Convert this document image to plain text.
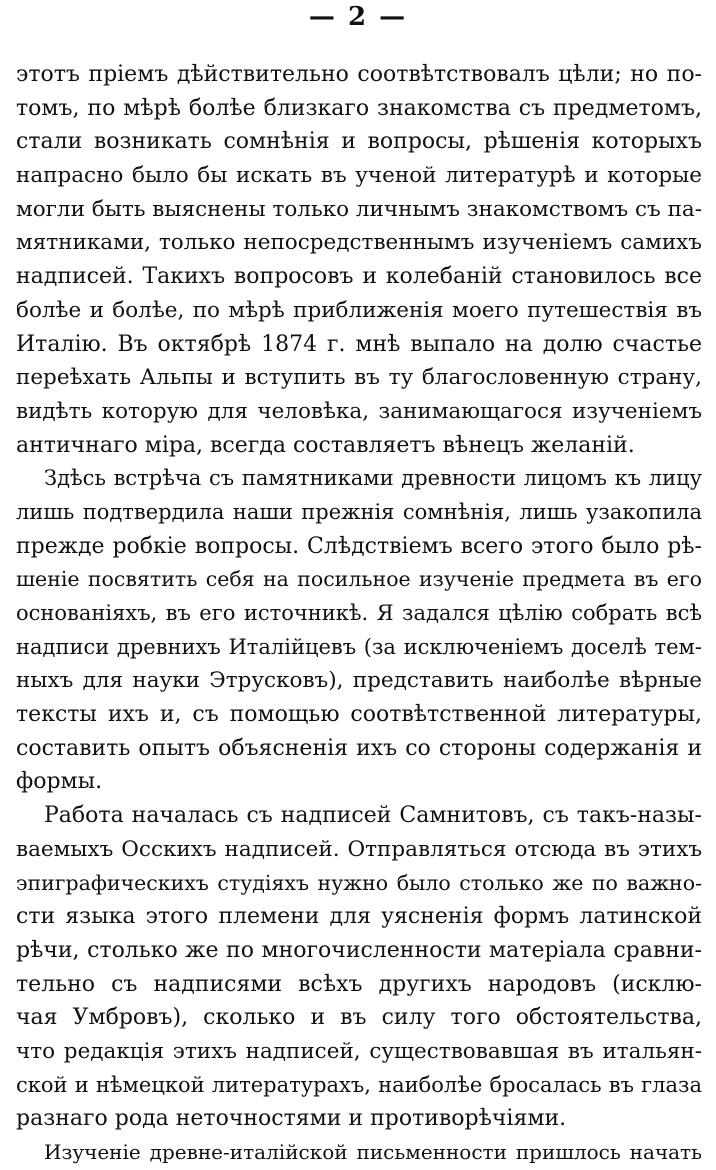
— 2 —
этотъ пріемъ дѣйствительно соотвѣтствовалъ цѣли; но по-
томъ, по мѣрѣ болѣе близкаго знакомства съ предметомъ,
стали возникать сомнѣнія и вопросы, рѣшенія которыхъ
напрасно было бы искать въ ученой литературѣ и которые
могли быть выяснены только личнымъ знакомствомъ съ па-
мятниками, только непосредственнымъ изученіемъ самихъ
надписей. Такихъ вопросовъ и колебаній становилось все
болѣе и болѣе, по мѣрѣ приближенія моего путешествія въ
Италію. Въ октябрѣ 1874 г. мнѣ выпало на долю счастье
переѣхать Альпы и вступить въ ту благословенную страну,
видѣть которую для человѣка, занимающагося изученіемъ
античнаго міра, всегда составляетъ вѣнецъ желаній.
Здѣсь встрѣча съ памятниками древности лицомъ къ лицу
лишь подтвердила наши прежнія сомнѣнія, лишь узакопила
прежде робкіе вопросы. Слѣдствіемъ всего этого было рѣ-
шеніе посвятить себя на посильное изученіе предмета въ его
основаніяхъ, въ его источникѣ. Я задался цѣлію собрать всѣ
надписи древнихъ Италійцевъ (за исключеніемъ доселѣ тем-
ныхъ для науки Этрусковъ), представить наиболѣе вѣрные
тексты ихъ и, съ помощью соотвѣтственной литературы,
составить опытъ объясненія ихъ со стороны содержанія и
формы.
Работа началась съ надписей Самнитовъ, съ такъ-назы-
ваемыхъ Осскихъ надписей. Отправляться отсюда въ этихъ
эпиграфическихъ студіяхъ нужно было столько же по важно-
сти языка этого племени для уясненія формъ латинской
рѣчи, столько же по многочисленности матеріала сравни-
тельно съ надписями всѣхъ другихъ народовъ (исклю-
чая Умбровъ), сколько и въ силу того обстоятельства,
что редакція этихъ надписей, существовавшая въ итальян-
ской и нѣмецкой литературахъ, наиболѣе бросалась въ глаза
разнаго рода неточностями и противорѣчіями.
Изученіе древне-италійской письменности пришлось начать
